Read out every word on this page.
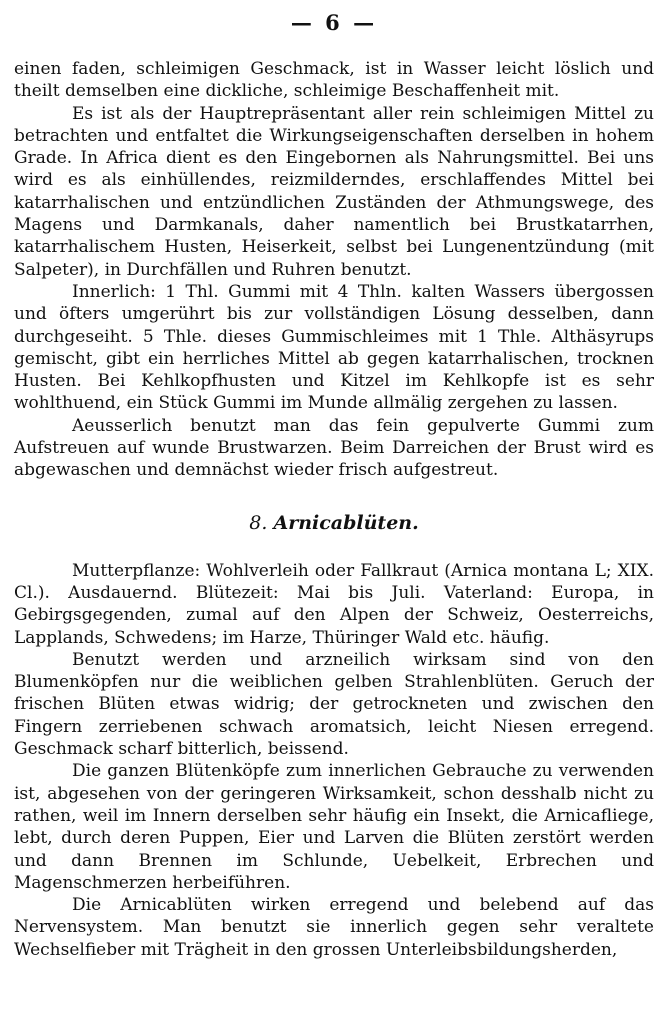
— 6 —

einen faden, schleimigen Geschmack, ist in Wasser leicht löslich und theilt demselben eine dickliche, schleimige Beschaffenheit mit.

Es ist als der Hauptrepräsentant aller rein schleimigen Mittel zu betrachten und entfaltet die Wirkungseigenschaften derselben in hohem Grade. In Africa dient es den Eingebornen als Nahrungsmittel. Bei uns wird es als einhüllendes, reizmilderndes, erschlaffendes Mittel bei katarrhalischen und entzündlichen Zuständen der Athmungswege, des Magens und Darmkanals, daher namentlich bei Brustkatarrhen, katarrhalischem Husten, Heiserkeit, selbst bei Lungenentzündung (mit Salpeter), in Durchfällen und Ruhren benutzt.

Innerlich: 1 Thl. Gummi mit 4 Thln. kalten Wassers übergossen und öfters umgerührt bis zur vollständigen Lösung desselben, dann durchgeseiht. 5 Thle. dieses Gummischleimes mit 1 Thle. Althäsyrups gemischt, gibt ein herrliches Mittel ab gegen katarrhalischen, trocknen Husten. Bei Kehlkopfhusten und Kitzel im Kehlkopfe ist es sehr wohlthuend, ein Stück Gummi im Munde allmälig zergehen zu lassen.

Aeusserlich benutzt man das fein gepulverte Gummi zum Aufstreuen auf wunde Brustwarzen. Beim Darreichen der Brust wird es abgewaschen und demnächst wieder frisch aufgestreut.

8. Arnicablüten.

Mutterpflanze: Wohlverleih oder Fallkraut (Arnica montana L; XIX. Cl.). Ausdauernd. Blütezeit: Mai bis Juli. Vaterland: Europa, in Gebirgsgegenden, zumal auf den Alpen der Schweiz, Oesterreichs, Lapplands, Schwedens; im Harze, Thüringer Wald etc. häufig.

Benutzt werden und arzneilich wirksam sind von den Blumenköpfen nur die weiblichen gelben Strahlenblüten. Geruch der frischen Blüten etwas widrig; der getrockneten und zwischen den Fingern zerriebenen schwach aromatsich, leicht Niesen erregend. Geschmack scharf bitterlich, beissend.

Die ganzen Blütenköpfe zum innerlichen Gebrauche zu verwenden ist, abgesehen von der geringeren Wirksamkeit, schon desshalb nicht zu rathen, weil im Innern derselben sehr häufig ein Insekt, die Arnicafliege, lebt, durch deren Puppen, Eier und Larven die Blüten zerstört werden und dann Brennen im Schlunde, Uebelkeit, Erbrechen und Magenschmerzen herbeiführen.

Die Arnicablüten wirken erregend und belebend auf das Nervensystem. Man benutzt sie innerlich gegen sehr veraltete Wechselfieber mit Trägheit in den grossen Unterleibsbildungsherden,
